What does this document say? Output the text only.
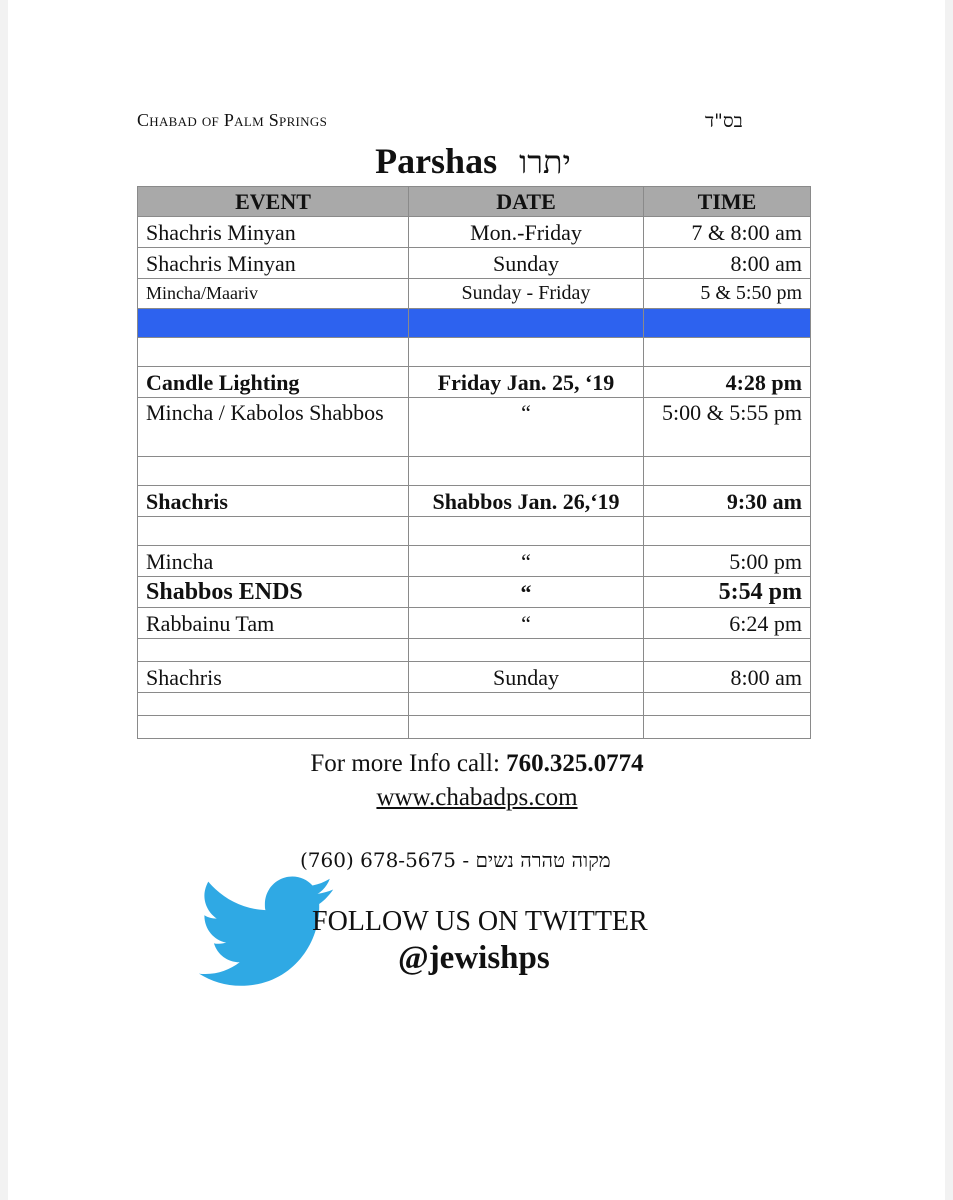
Chabad of Palm Springs	בס"ד
Parshas יתרו
EVENT	DATE	TIME
Shachris Minyan	Mon.-Friday	7 & 8:00 am
Shachris Minyan	Sunday	8:00 am
Mincha/Maariv	Sunday - Friday	5 & 5:50 pm

Candle Lighting	Friday Jan. 25, ‘19	4:28 pm
Mincha / Kabolos Shabbos	“	5:00 & 5:55 pm

Shachris	Shabbos Jan. 26,‘19	9:30 am

Mincha	“	5:00 pm
Shabbos ENDS	“	5:54 pm
Rabbainu Tam	“	6:24 pm

Shachris	Sunday	8:00 am

For more Info call: 760.325.0774
www.chabadps.com
(760) 678-5675 - מקוה טהרה נשים
FOLLOW US ON TWITTER
@jewishps
